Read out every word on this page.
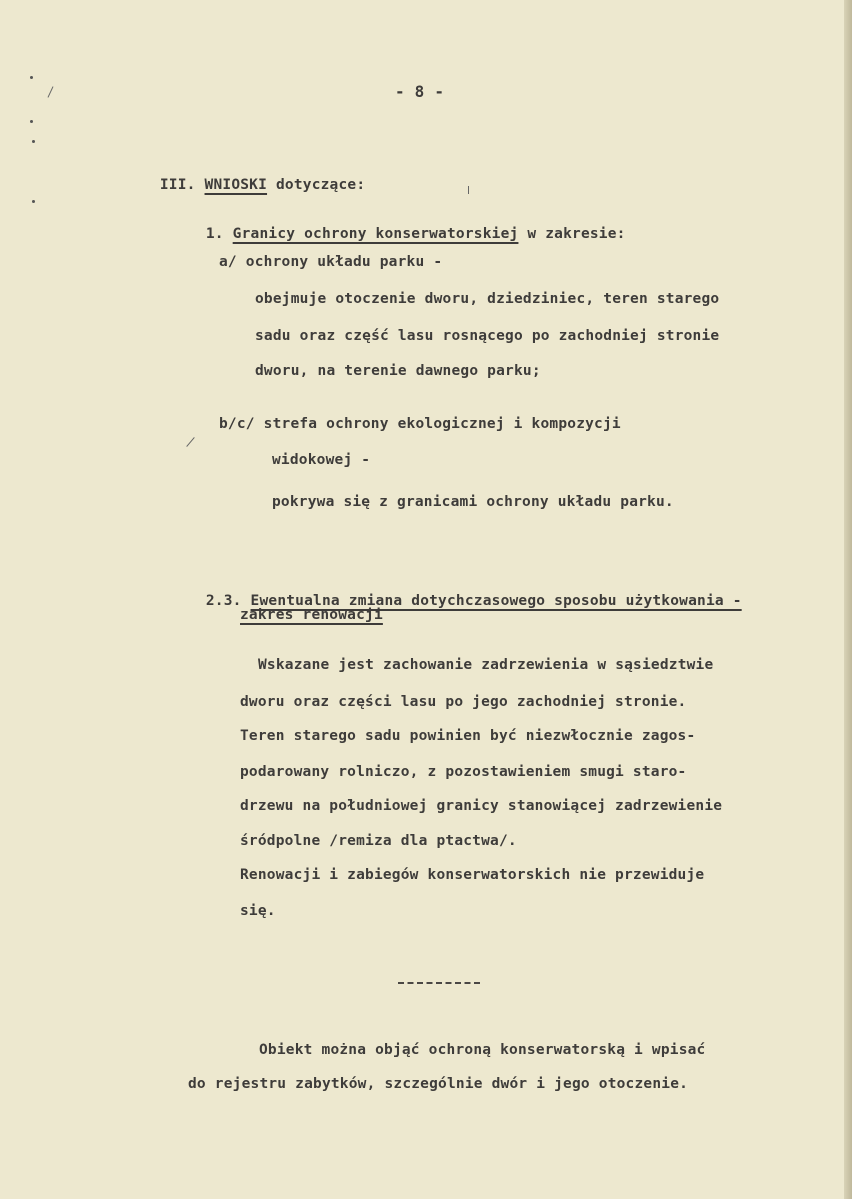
- 8 -

III. WNIOSKI dotyczące:

1. Granicy ochrony konserwatorskiej w zakresie:

a/ ochrony układu parku -
obejmuje otoczenie dworu, dziedziniec, teren starego
sadu oraz część lasu rosnącego po zachodniej stronie
dworu, na terenie dawnego parku;
b/c/ strefa ochrony ekologicznej i kompozycji
widokowej -
pokrywa się z granicami ochrony układu parku.

2.3. Ewentualna zmiana dotychczasowego sposobu użytkowania -

zakres renowacji
Wskazane jest zachowanie zadrzewienia w sąsiedztwie
dworu oraz części lasu po jego zachodniej stronie.
Teren starego sadu powinien być niezwłocznie zagos-
podarowany rolniczo, z pozostawieniem smugi staro-
drzewu na południowej granicy stanowiącej zadrzewienie
śródpolne /remiza dla ptactwa/.
Renowacji i zabiegów konserwatorskich nie przewiduje
się.
Obiekt można objąć ochroną konserwatorską i wpisać
do rejestru zabytków, szczególnie dwór i jego otoczenie.
